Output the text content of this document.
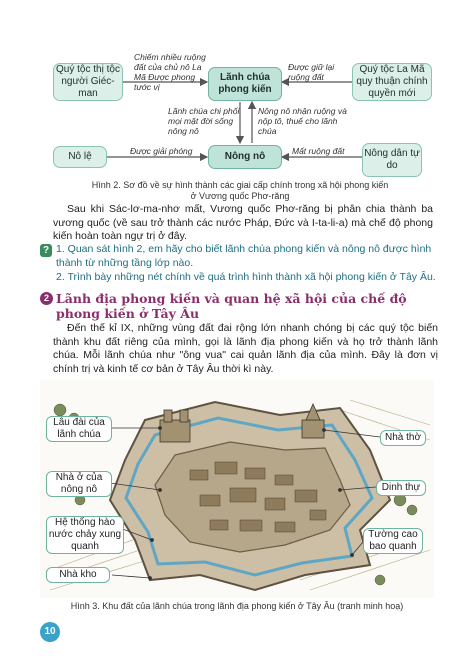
Quý tộc thị tộc người Giéc-man
Quý tộc La Mã quy thuận chính quyền mới
Lãnh chúa phong kiến
Nô lệ	Nông nô	Nông dân tự do
Chiếm nhiều ruộng đất của chủ nô La Mã Được phong tước vị
Được giữ lại ruộng đất
Lãnh chúa chi phối mọi mặt đời sống nông nô
Nông nô nhận ruộng và nộp tô, thuế cho lãnh chúa
Được giải phóng	Mất ruộng đất
Hình 2. Sơ đồ về sự hình thành các giai cấp chính trong xã hội phong kiến
ở Vương quốc Phơ-răng
Sau khi Sác-lơ-ma-nhơ mất, Vương quốc Phơ-răng bị phân chia thành ba vương quốc (về sau trở thành các nước Pháp, Đức và I-ta-li-a) mà chế độ phong kiến hoàn toàn ngự trị ở đây.
? 1. Quan sát hình 2, em hãy cho biết lãnh chúa phong kiến và nông nô được hình thành từ những tầng lớp nào.
2. Trình bày những nét chính về quá trình hình thành xã hội phong kiến ở Tây Âu.
2 Lãnh địa phong kiến và quan hệ xã hội của chế độ phong kiến ở Tây Âu
Đến thế kỉ IX, những vùng đất đai rộng lớn nhanh chóng bị các quý tộc biến thành khu đất riêng của mình, gọi là lãnh địa phong kiến và họ trở thành lãnh chúa. Mỗi lãnh chúa như "ông vua" cai quản lãnh địa của mình. Đây là đơn vị chính trị và kinh tế cơ bản ở Tây Âu thời kì này.
Lâu đài của lãnh chúa	Nhà thờ
Nhà ở của nông nô	Dinh thự
Hệ thống hào nước chảy xung quanh
Tường cao bao quanh
Nhà kho
Hình 3. Khu đất của lãnh chúa trong lãnh địa phong kiến ở Tây Âu (tranh minh hoạ)
10
